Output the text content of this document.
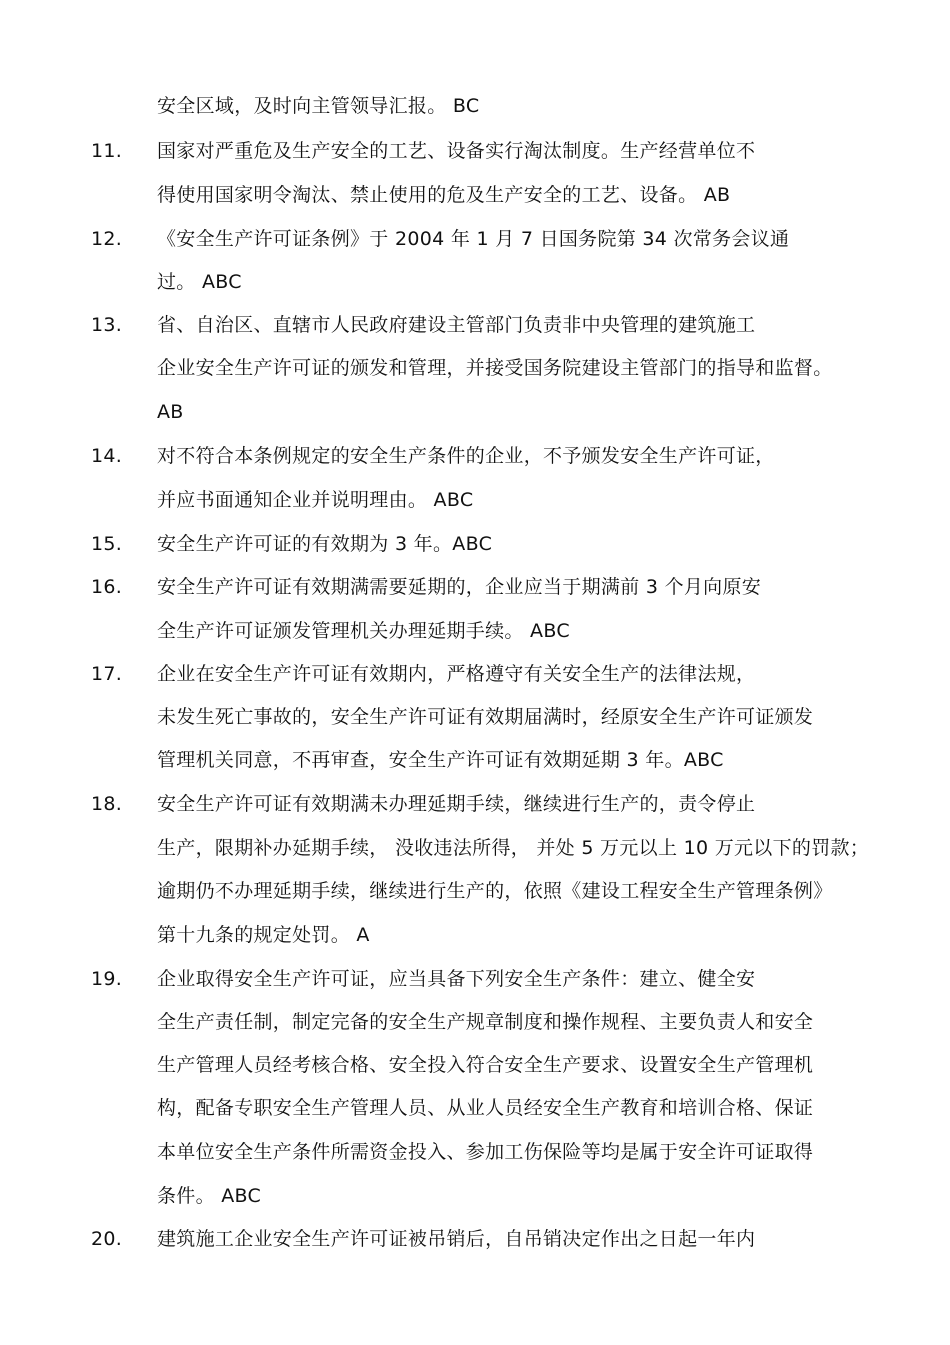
安全区域，及时向主管领导汇报。 BC
11. 国家对严重危及生产安全的工艺、设备实行淘汰制度。生产经营单位不
得使用国家明令淘汰、禁止使用的危及生产安全的工艺、设备。 AB
12. 《安全生产许可证条例》于 2004 年 1 月 7 日国务院第 34 次常务会议通
过。 ABC
13. 省、自治区、直辖市人民政府建设主管部门负责非中央管理的建筑施工
企业安全生产许可证的颁发和管理，并接受国务院建设主管部门的指导和监督。
AB
14. 对不符合本条例规定的安全生产条件的企业，不予颁发安全生产许可证，
并应书面通知企业并说明理由。 ABC
15. 安全生产许可证的有效期为 3 年。ABC
16. 安全生产许可证有效期满需要延期的，企业应当于期满前 3 个月向原安
全生产许可证颁发管理机关办理延期手续。 ABC
17. 企业在安全生产许可证有效期内，严格遵守有关安全生产的法律法规，
未发生死亡事故的，安全生产许可证有效期届满时，经原安全生产许可证颁发
管理机关同意，不再审查，安全生产许可证有效期延期 3 年。ABC
18. 安全生产许可证有效期满未办理延期手续，继续进行生产的，责令停止
生产，限期补办延期手续， 没收违法所得， 并处 5 万元以上 10 万元以下的罚款；
逾期仍不办理延期手续，继续进行生产的，依照《建设工程安全生产管理条例》
第十九条的规定处罚。 A
19. 企业取得安全生产许可证，应当具备下列安全生产条件：建立、健全安
全生产责任制，制定完备的安全生产规章制度和操作规程、主要负责人和安全
生产管理人员经考核合格、安全投入符合安全生产要求、设置安全生产管理机
构，配备专职安全生产管理人员、从业人员经安全生产教育和培训合格、保证
本单位安全生产条件所需资金投入、参加工伤保险等均是属于安全许可证取得
条件。 ABC
20. 建筑施工企业安全生产许可证被吊销后，自吊销决定作出之日起一年内
